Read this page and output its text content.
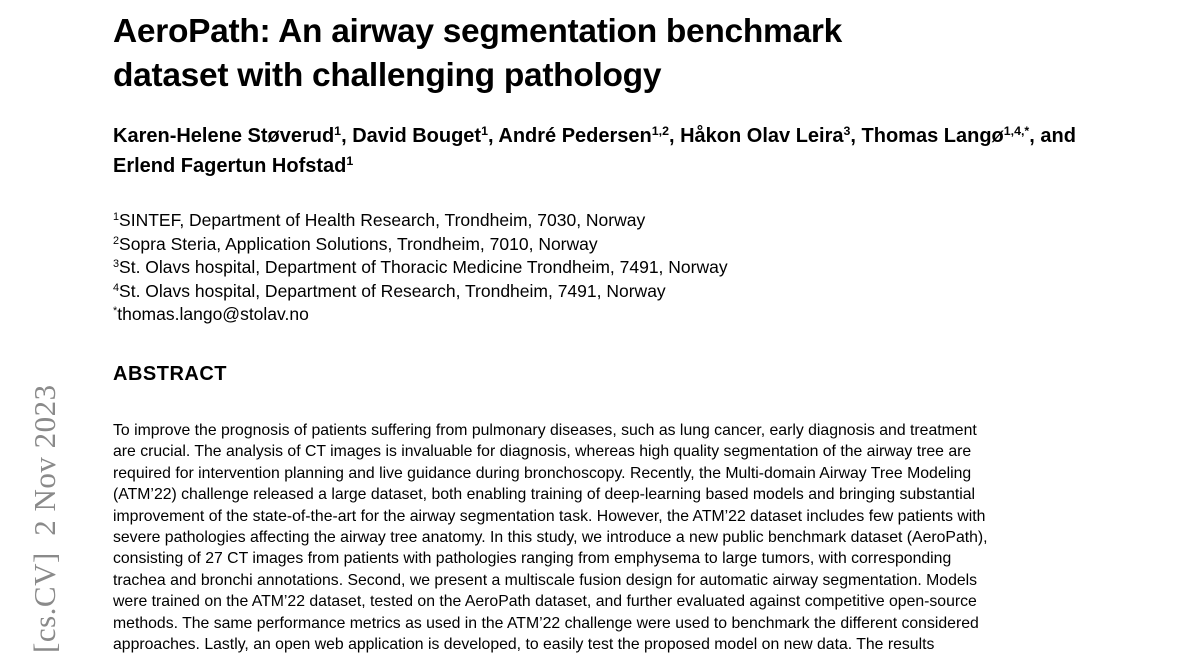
[cs.CV]  2 Nov 2023
AeroPath: An airway segmentation benchmark
dataset with challenging pathology
Karen-Helene Støverud$^1$, David Bouget$^1$, André Pedersen$^{1,2}$, Håkon Olav Leira$^3$, Thomas Langø$^{1,4,*}$, and Erlend Fagertun Hofstad$^1$
$^1$SINTEF, Department of Health Research, Trondheim, 7030, Norway
$^2$Sopra Steria, Application Solutions, Trondheim, 7010, Norway
$^3$St. Olavs hospital, Department of Thoracic Medicine Trondheim, 7491, Norway
$^4$St. Olavs hospital, Department of Research, Trondheim, 7491, Norway
*thomas.lango@stolav.no
ABSTRACT
To improve the prognosis of patients suffering from pulmonary diseases, such as lung cancer, early diagnosis and treatment
are crucial. The analysis of CT images is invaluable for diagnosis, whereas high quality segmentation of the airway tree are
required for intervention planning and live guidance during bronchoscopy. Recently, the Multi-domain Airway Tree Modeling
(ATM’22) challenge released a large dataset, both enabling training of deep-learning based models and bringing substantial
improvement of the state-of-the-art for the airway segmentation task. However, the ATM’22 dataset includes few patients with
severe pathologies affecting the airway tree anatomy. In this study, we introduce a new public benchmark dataset (AeroPath),
consisting of 27 CT images from patients with pathologies ranging from emphysema to large tumors, with corresponding
trachea and bronchi annotations. Second, we present a multiscale fusion design for automatic airway segmentation. Models
were trained on the ATM’22 dataset, tested on the AeroPath dataset, and further evaluated against competitive open-source
methods. The same performance metrics as used in the ATM’22 challenge were used to benchmark the different considered
approaches. Lastly, an open web application is developed, to easily test the proposed model on new data. The results
